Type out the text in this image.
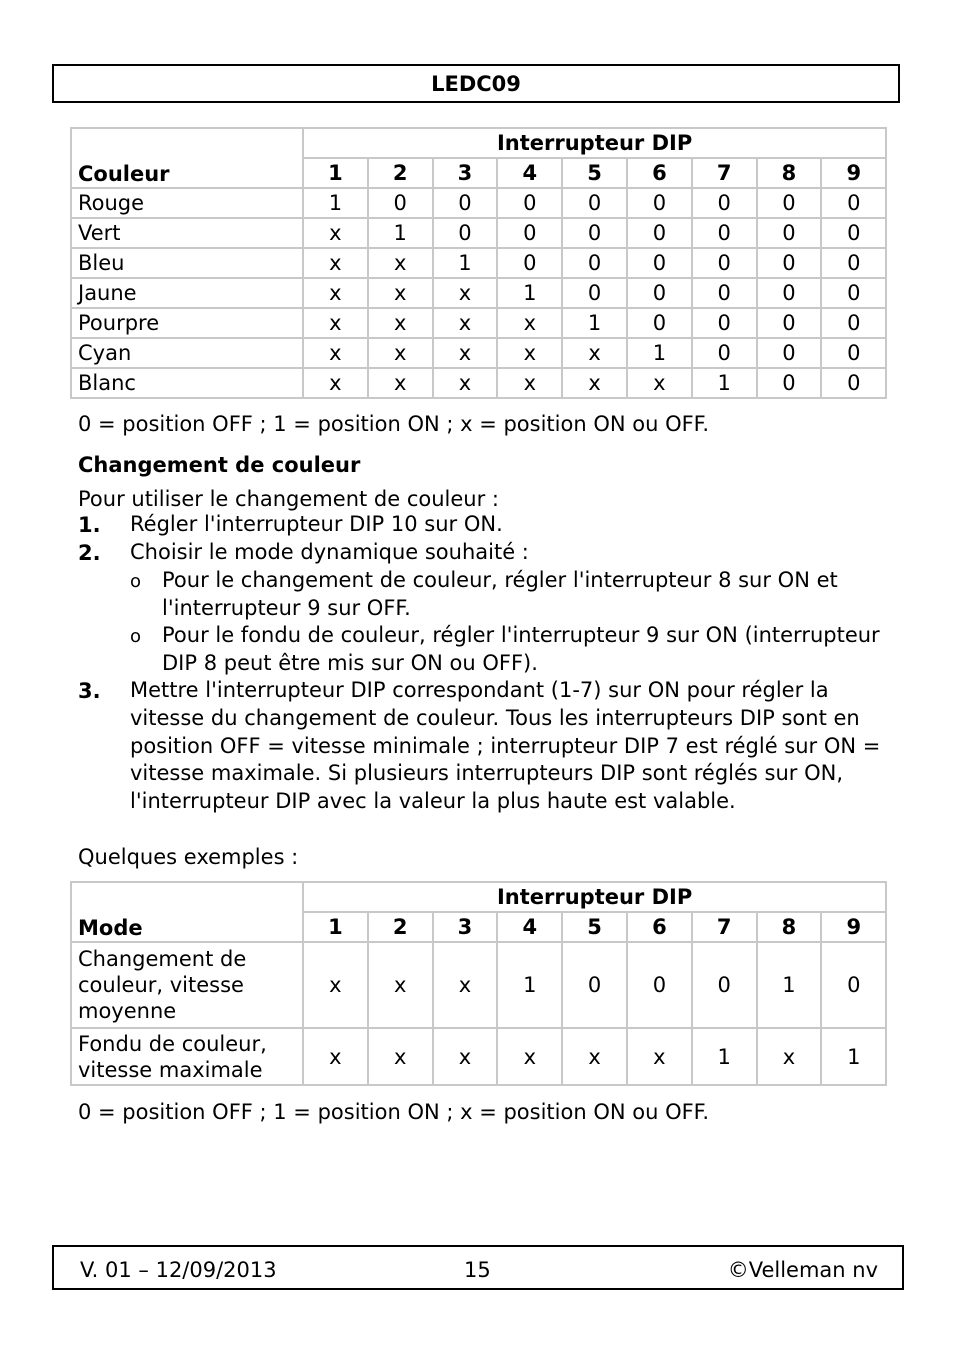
LEDC09
Couleur	Interrupteur DIP								
	1	2	3	4	5	6	7	8	9
Rouge	1	0	0	0	0	0	0	0	0
Vert	x	1	0	0	0	0	0	0	0
Bleu	x	x	1	0	0	0	0	0	0
Jaune	x	x	x	1	0	0	0	0	0
Pourpre	x	x	x	x	1	0	0	0	0
Cyan	x	x	x	x	x	1	0	0	0
Blanc	x	x	x	x	x	x	1	0	0
0 = position OFF ; 1 = position ON ; x = position ON ou OFF.
Changement de couleur
Pour utiliser le changement de couleur :
1. Régler l'interrupteur DIP 10 sur ON.
2. Choisir le mode dynamique souhaité :
o Pour le changement de couleur, régler l'interrupteur 8 sur ON et l'interrupteur 9 sur OFF.
o Pour le fondu de couleur, régler l'interrupteur 9 sur ON (interrupteur DIP 8 peut être mis sur ON ou OFF).
3. Mettre l'interrupteur DIP correspondant (1-7) sur ON pour régler la vitesse du changement de couleur. Tous les interrupteurs DIP sont en position OFF = vitesse minimale ; interrupteur DIP 7 est réglé sur ON = vitesse maximale. Si plusieurs interrupteurs DIP sont réglés sur ON, l'interrupteur DIP avec la valeur la plus haute est valable.
Quelques exemples :
Mode	Interrupteur DIP								
	1	2	3	4	5	6	7	8	9
Changement de couleur, vitesse moyenne	x	x	x	1	0	0	0	1	0
Fondu de couleur, vitesse maximale	x	x	x	x	x	x	1	x	1
0 = position OFF ; 1 = position ON ; x = position ON ou OFF.
V. 01 – 12/09/2013	15	©Velleman nv
